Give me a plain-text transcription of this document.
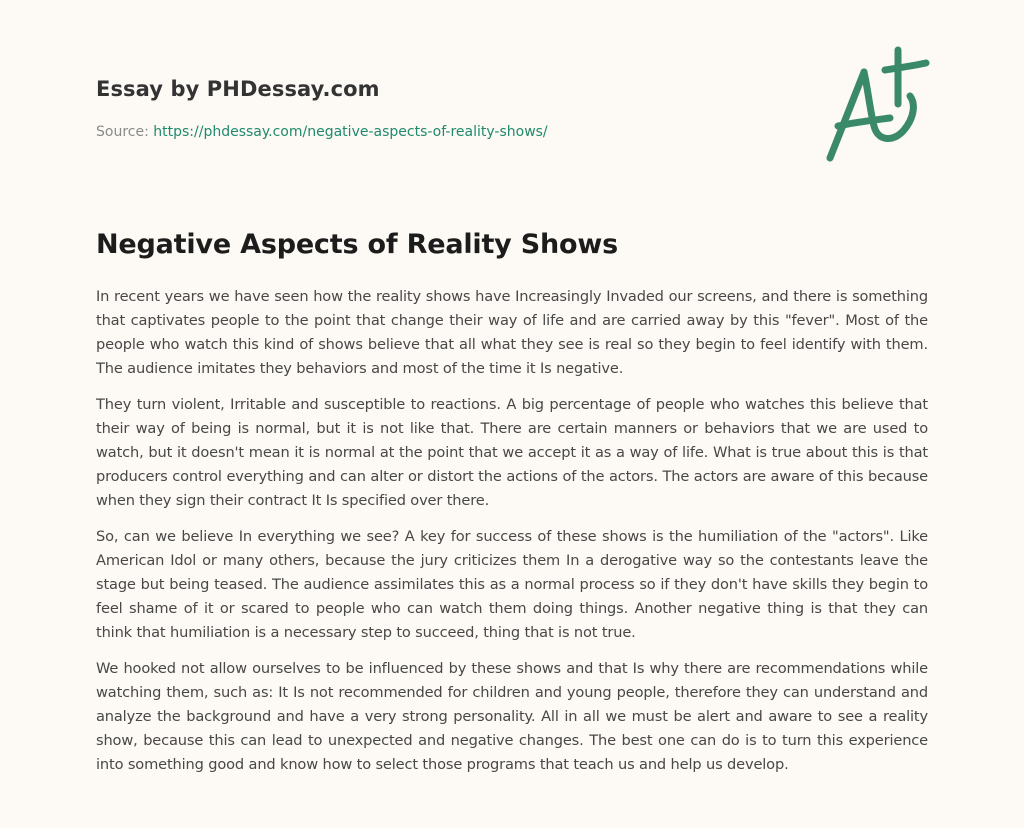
Essay by PHDessay.com
Source: https://phdessay.com/negative-aspects-of-reality-shows/
Negative Aspects of Reality Shows

In recent years we have seen how the reality shows have Increasingly Invaded our screens, and there is something that captivates people to the point that change their way of life and are carried away by this "fever". Most of the people who watch this kind of shows believe that all what they see is real so they begin to feel identify with them. The audience imitates they behaviors and most of the time it Is negative.

They turn violent, Irritable and susceptible to reactions. A big percentage of people who watches this believe that their way of being is normal, but it is not like that. There are certain manners or behaviors that we are used to watch, but it doesn't mean it is normal at the point that we accept it as a way of life. What is true about this is that producers control everything and can alter or distort the actions of the actors. The actors are aware of this because when they sign their contract It Is specified over there.

So, can we believe In everything we see? A key for success of these shows is the humiliation of the "actors". Like American Idol or many others, because the jury criticizes them In a derogative way so the contestants leave the stage but being teased. The audience assimilates this as a normal process so if they don't have skills they begin to feel shame of it or scared to people who can watch them doing things. Another negative thing is that they can think that humiliation is a necessary step to succeed, thing that is not true.

We hooked not allow ourselves to be influenced by these shows and that Is why there are recommendations while watching them, such as: It Is not recommended for children and young people, therefore they can understand and analyze the background and have a very strong personality. All in all we must be alert and aware to see a reality show, because this can lead to unexpected and negative changes. The best one can do is to turn this experience into something good and know how to select those programs that teach us and help us develop.
